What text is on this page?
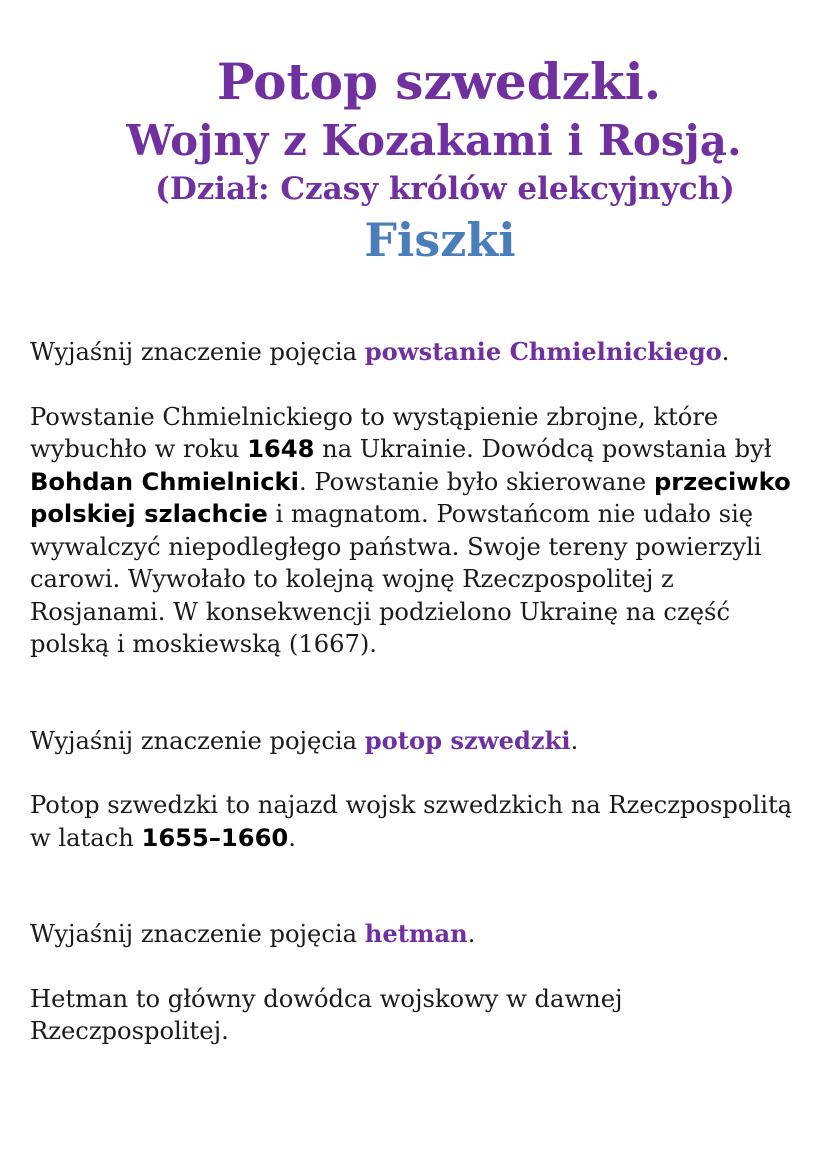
Potop szwedzki.

Wojny z Kozakami i Rosją.

(Dział: Czasy królów elekcyjnych)

Fiszki

Wyjaśnij znaczenie pojęcia powstanie Chmielnickiego.

Powstanie Chmielnickiego to wystąpienie zbrojne, które wybuchło w roku 1648 na Ukrainie. Dowódcą powstania był Bohdan Chmielnicki. Powstanie było skierowane przeciwko polskiej szlachcie i magnatom. Powstańcom nie udało się wywalczyć niepodległego państwa. Swoje tereny powierzyli carowi. Wywołało to kolejną wojnę Rzeczpospolitej z Rosjanami. W konsekwencji podzielono Ukrainę na część polską i moskiewską (1667).

Wyjaśnij znaczenie pojęcia potop szwedzki.

Potop szwedzki to najazd wojsk szwedzkich na Rzeczpospolitą w latach 1655–1660.

Wyjaśnij znaczenie pojęcia hetman.

Hetman to główny dowódca wojskowy w dawnej Rzeczpospolitej.
